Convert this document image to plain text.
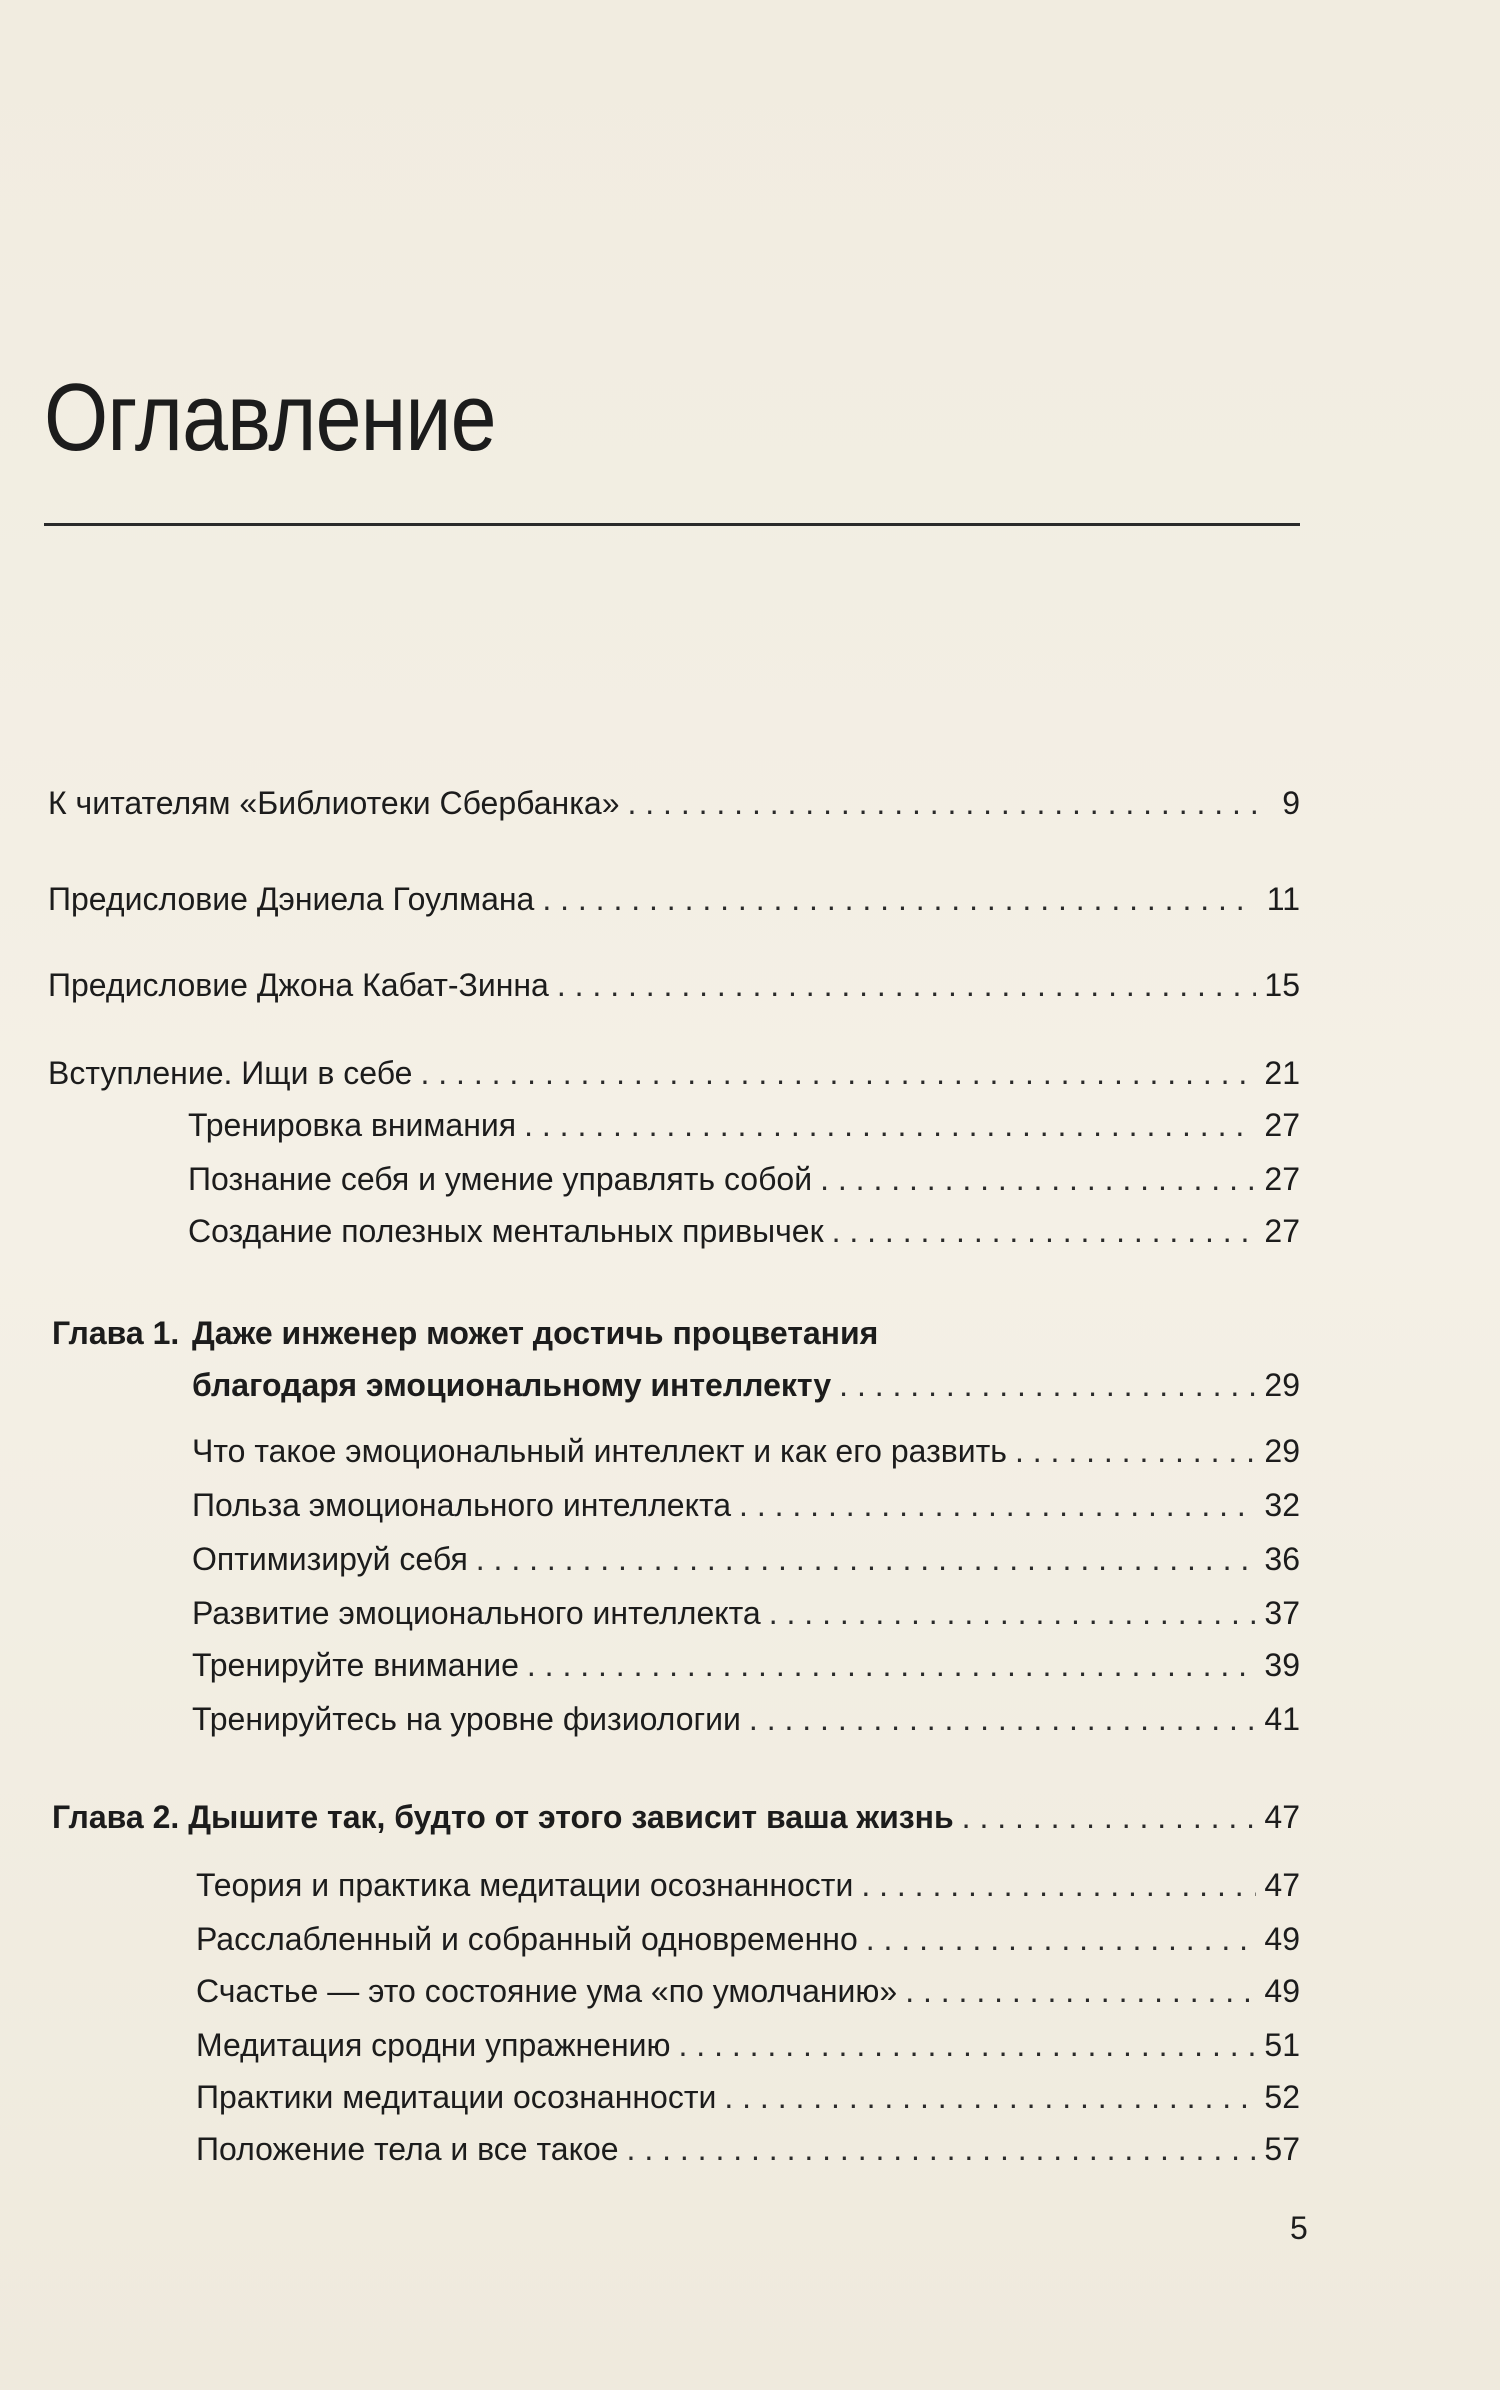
Оглавление
К читателям «Библиотеки Сбербанка» . . .	9
Предисловие Дэниела Гоулмана . . .	11
Предисловие Джона Кабат-Зинна . . .	15
Вступление. Ищи в себе . . .	21
Тренировка внимания . . .	27
Познание себя и умение управлять собой . . .	27
Создание полезных ментальных привычек . . .	27
Глава 1. Даже инженер может достичь процветания
благодаря эмоциональному интеллекту . . .	29
Что такое эмоциональный интеллект и как его развить . . .	29
Польза эмоционального интеллекта . . .	32
Оптимизируй себя . . .	36
Развитие эмоционального интеллекта . . .	37
Тренируйте внимание . . .	39
Тренируйтесь на уровне физиологии . . .	41
Глава 2. Дышите так, будто от этого зависит ваша жизнь . . .	47
Теория и практика медитации осознанности . . .	47
Расслабленный и собранный одновременно . . .	49
Счастье — это состояние ума «по умолчанию» . . .	49
Медитация сродни упражнению . . .	51
Практики медитации осознанности . . .	52
Положение тела и все такое . . .	57
5
